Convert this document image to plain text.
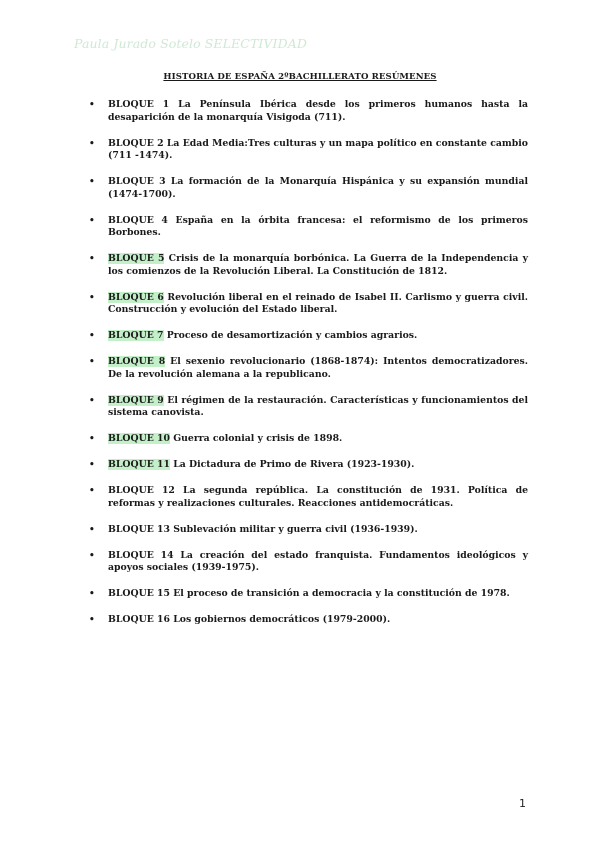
Paula Jurado Sotelo SELECTIVIDAD
HISTORIA DE ESPAÑA 2ºBACHILLERATO RESÚMENES
• BLOQUE 1 La Península Ibérica desde los primeros humanos hasta la desaparición de la monarquía Visigoda (711).
• BLOQUE 2 La Edad Media:Tres culturas y un mapa político en constante cambio (711 -1474).
• BLOQUE 3 La formación de la Monarquía Hispánica y su expansión mundial (1474-1700).
• BLOQUE 4 España en la órbita francesa: el reformismo de los primeros Borbones.
• BLOQUE 5 Crisis de la monarquía borbónica. La Guerra de la Independencia y los comienzos de la Revolución Liberal. La Constitución de 1812.
• BLOQUE 6 Revolución liberal en el reinado de Isabel II. Carlismo y guerra civil. Construcción y evolución del Estado liberal.
• BLOQUE 7 Proceso de desamortización y cambios agrarios.
• BLOQUE 8 El sexenio revolucionario (1868-1874): Intentos democratizadores. De la revolución alemana a la republicano.
• BLOQUE 9 El régimen de la restauración. Características y funcionamientos del sistema canovista.
• BLOQUE 10 Guerra colonial y crisis de 1898.
• BLOQUE 11 La Dictadura de Primo de Rivera (1923-1930).
• BLOQUE 12 La segunda república. La constitución de 1931. Política de reformas y realizaciones culturales. Reacciones antidemocráticas.
• BLOQUE 13 Sublevación militar y guerra civil (1936-1939).
• BLOQUE 14 La creación del estado franquista. Fundamentos ideológicos y apoyos sociales (1939-1975).
• BLOQUE 15 El proceso de transición a democracia y la constitución de 1978.
• BLOQUE 16 Los gobiernos democráticos (1979-2000).
1
